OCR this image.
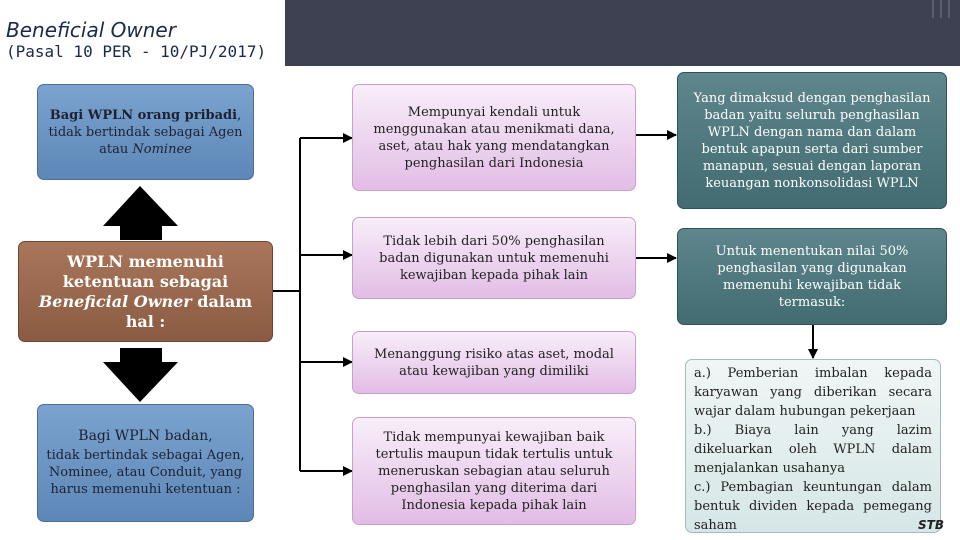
Beneficial Owner
(Pasal 10 PER - 10/PJ/2017)
Bagi WPLN orang pribadi, tidak bertindak sebagai Agen atau Nominee
WPLN memenuhi ketentuan sebagai Beneficial Owner dalam hal :
Bagi WPLN badan,
tidak bertindak sebagai Agen, Nominee, atau Conduit, yang harus memenuhi ketentuan :
Mempunyai kendali untuk menggunakan atau menikmati dana, aset, atau hak yang mendatangkan penghasilan dari Indonesia
Tidak lebih dari 50% penghasilan badan digunakan untuk memenuhi kewajiban kepada pihak lain
Menanggung risiko atas aset, modal atau kewajiban yang dimiliki
Tidak mempunyai kewajiban baik tertulis maupun tidak tertulis untuk meneruskan sebagian atau seluruh penghasilan yang diterima dari Indonesia kepada pihak lain
Yang dimaksud dengan penghasilan badan yaitu seluruh penghasilan WPLN dengan nama dan dalam bentuk apapun serta dari sumber manapun, sesuai dengan laporan keuangan nonkonsolidasi WPLN
Untuk menentukan nilai 50% penghasilan yang digunakan memenuhi kewajiban tidak termasuk:
a.) Pemberian imbalan kepada karyawan yang diberikan secara wajar dalam hubungan pekerjaan
b.) Biaya lain yang lazim dikeluarkan oleh WPLN dalam menjalankan usahanya
c.) Pembagian keuntungan dalam bentuk dividen kepada pemegang saham	STB
